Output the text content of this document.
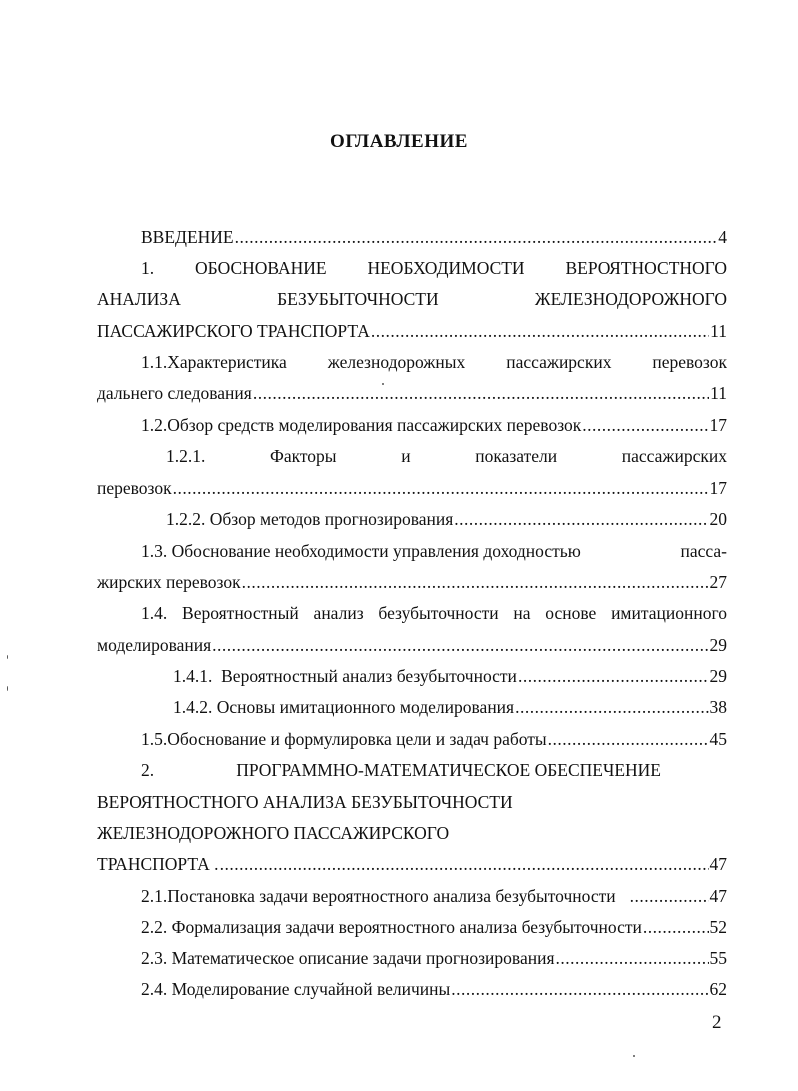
ОГЛАВЛЕНИЕ
ВВЕДЕНИЕ .....	4
1. ОБОСНОВАНИЕ НЕОБХОДИМОСТИ ВЕРОЯТНОСТНОГО
АНАЛИЗА	БЕЗУБЫТОЧНОСТИ	ЖЕЛЕЗНОДОРОЖНОГО
ПАССАЖИРСКОГО ТРАНСПОРТА .....	11
1.1.Характеристика железнодорожных пассажирских перевозок
дальнего следования .....	11
1.2.Обзор средств моделирования пассажирских перевозок .....	17
1.2.1.	Факторы	и	показатели	пассажирских
перевозок .....	17
1.2.2. Обзор методов прогнозирования .....	20
1.3. Обоснование необходимости управления доходностью	пасса-
жирских перевозок .....	27
1.4. Вероятностный анализ безубыточности на основе имитационного
моделирования .....	29
1.4.1.  Вероятностный анализ безубыточности .....	29
1.4.2. Основы имитационного моделирования .....	38
1.5.Обоснование и формулировка цели и задач работы .....	45
2.	ПРОГРАММНО-МАТЕМАТИЧЕСКОЕ ОБЕСПЕЧЕНИЕ
ВЕРОЯТНОСТНОГО АНАЛИЗА БЕЗУБЫТОЧНОСТИ
ЖЕЛЕЗНОДОРОЖНОГО ПАССАЖИРСКОГО
ТРАНСПОРТА . .....	47
2.1.Постановка задачи вероятностного анализа безубыточности .....	47
2.2. Формализация задачи вероятностного анализа безубыточности .....	52
2.3. Математическое описание задачи прогнозирования .....	55
2.4. Моделирование случайной величины .....	62
2
